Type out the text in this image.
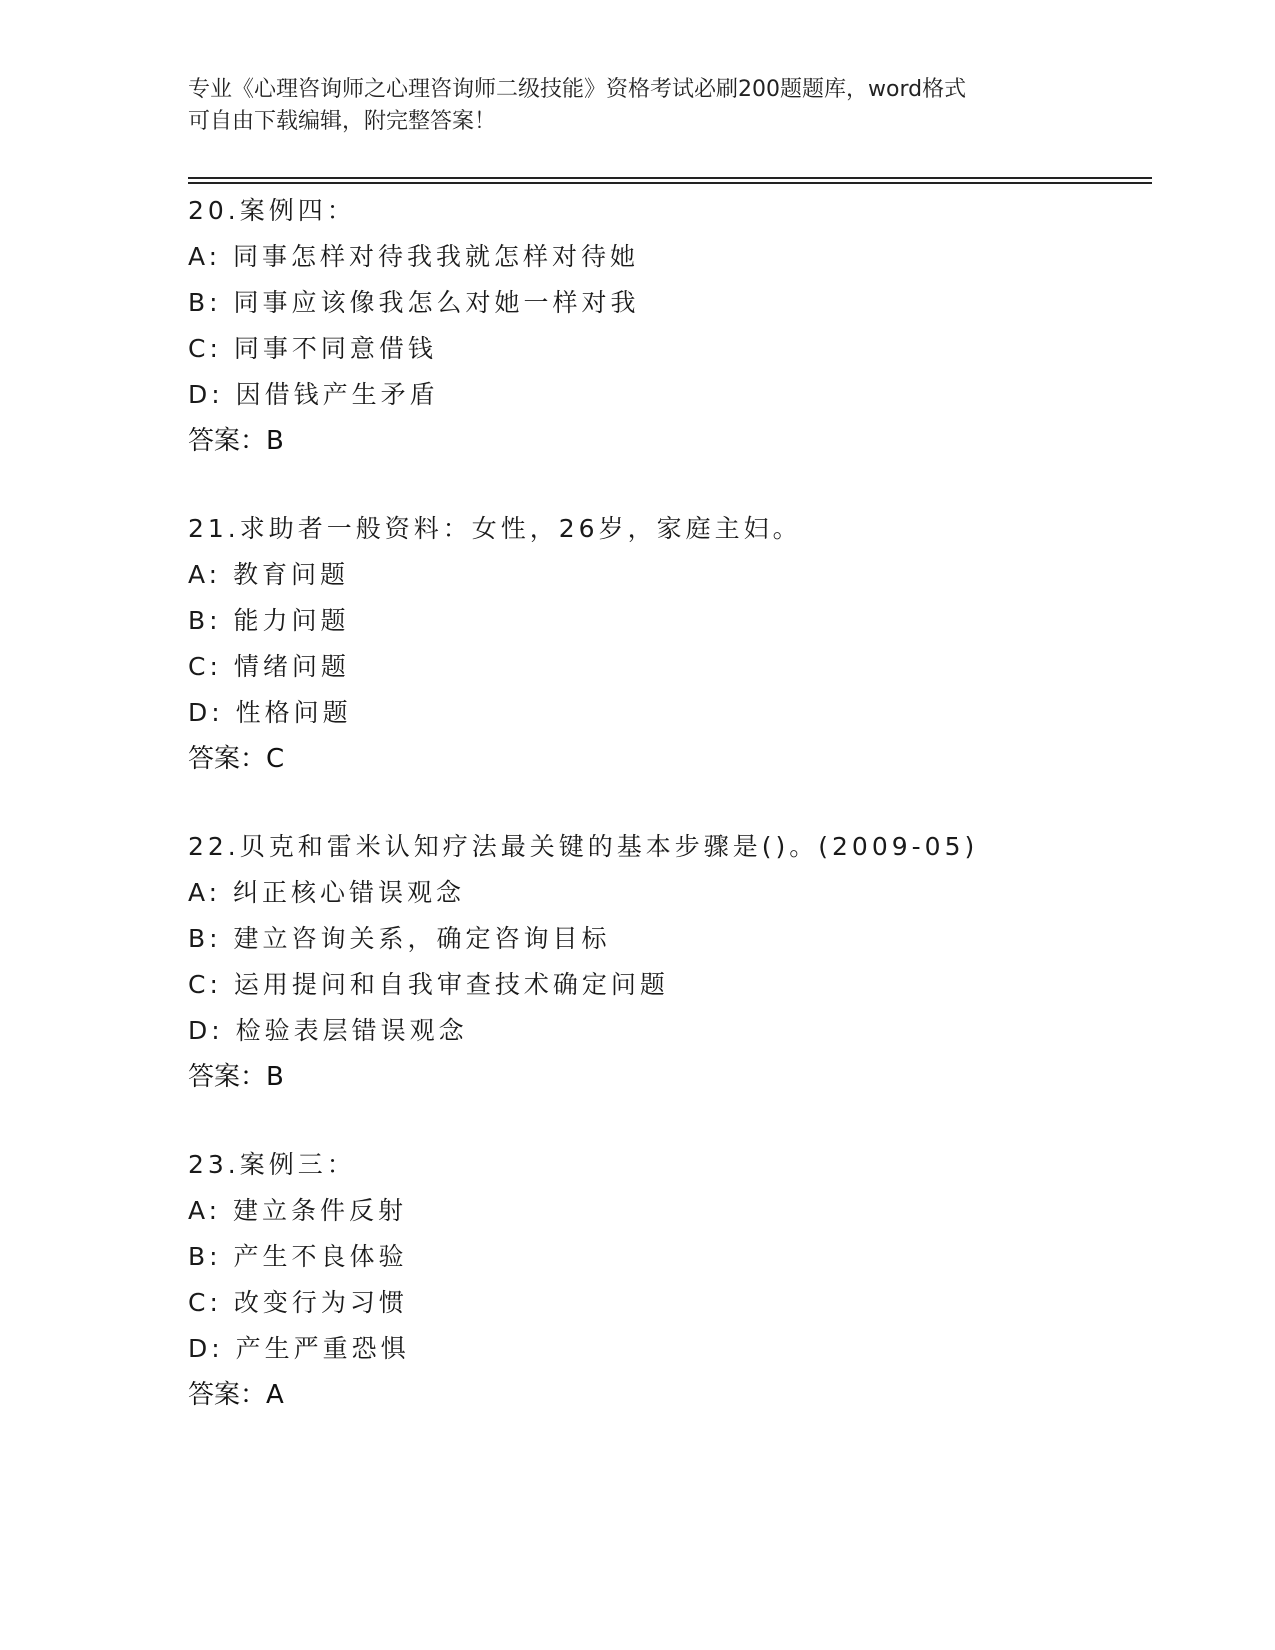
专业《心理咨询师之心理咨询师二级技能》资格考试必刷200题题库，word格式
可自由下载编辑，附完整答案！
20.案例四：
A: 同事怎样对待我我就怎样对待她
B: 同事应该像我怎么对她一样对我
C: 同事不同意借钱
D: 因借钱产生矛盾
答案：B
21.求助者一般资料：女性，26岁，家庭主妇。
A: 教育问题
B: 能力问题
C: 情绪问题
D: 性格问题
答案：C
22.贝克和雷米认知疗法最关键的基本步骤是()。(2009-05)
A: 纠正核心错误观念
B: 建立咨询关系，确定咨询目标
C: 运用提问和自我审查技术确定问题
D: 检验表层错误观念
答案：B
23.案例三：
A: 建立条件反射
B: 产生不良体验
C: 改变行为习惯
D: 产生严重恐惧
答案：A
